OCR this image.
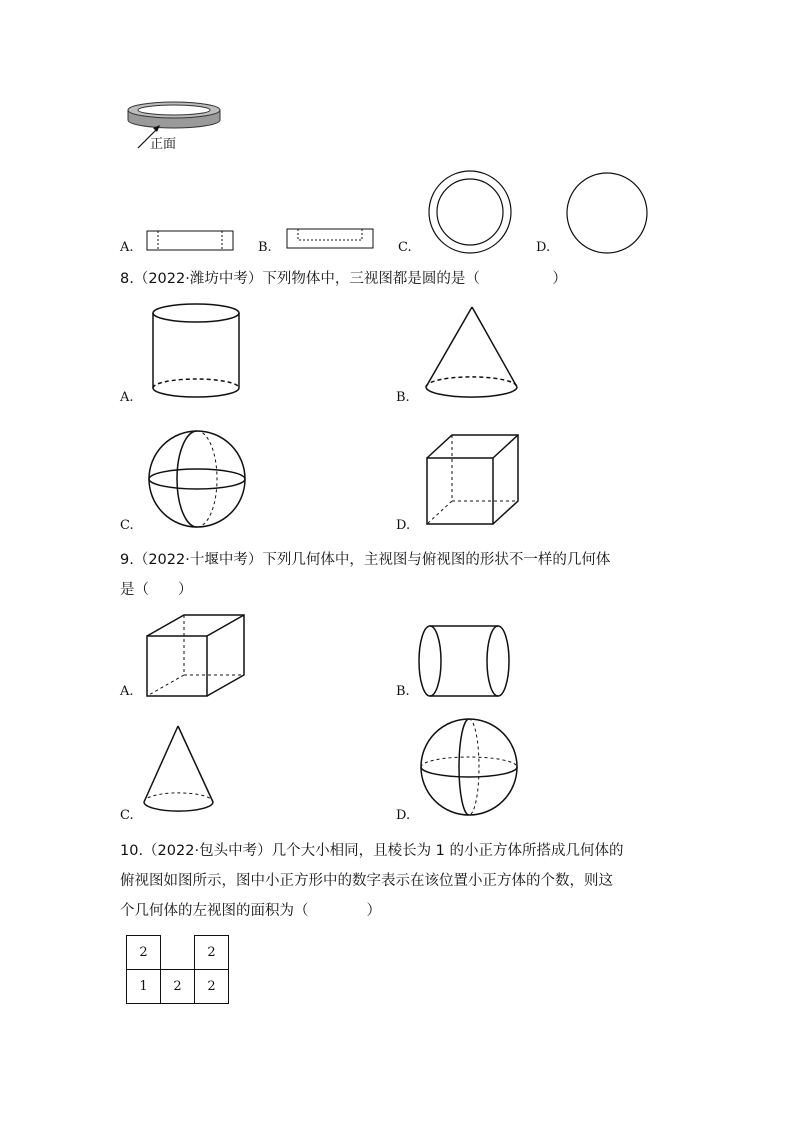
正面
A.	B.	C.	D.
8.（2022·潍坊中考）下列物体中，三视图都是圆的是（　　　　　）
A.	B.
C.	D.
9.（2022·十堰中考）下列几何体中，主视图与俯视图的形状不一样的几何体
是（　　）
A.	B.
C.	D.
10.（2022·包头中考）几个大小相同，且棱长为 1 的小正方体所搭成几何体的
俯视图如图所示，图中小正方形中的数字表示在该位置小正方体的个数，则这
个几何体的左视图的面积为（　　　　）
2		2
1	2	2
